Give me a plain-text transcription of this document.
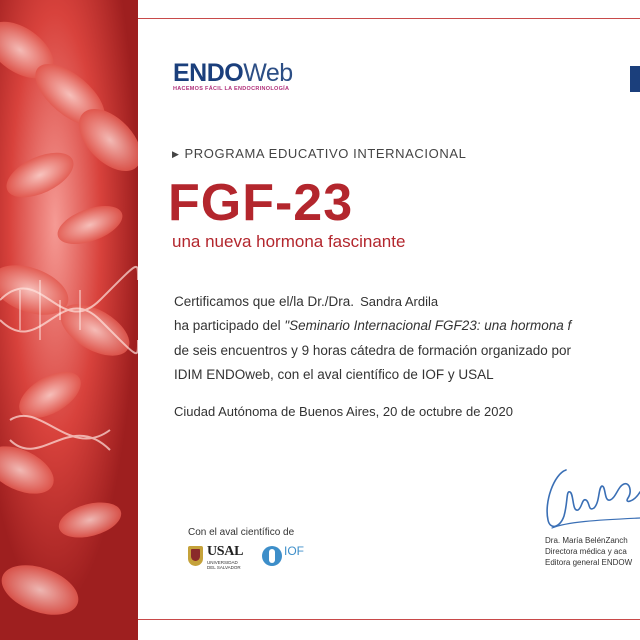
ENDOWeb
HACEMOS FÁCIL LA ENDOCRINOLOGÍA
▶ PROGRAMA EDUCATIVO INTERNACIONAL
FGF-23
una nueva hormona fascinante
Certificamos que el/la Dr./Dra. Sandra Ardila
ha participado del "Seminario Internacional FGF23: una hormona f
de seis encuentros y 9 horas cátedra de formación organizado por
IDIM ENDOweb, con el aval científico de IOF y USAL
Ciudad Autónoma de Buenos Aires, 20 de octubre de 2020
Con el aval científico de
USAL
UNIVERSIDAD
DEL SALVADOR
IOF
Dra. María BelénZanch
Directora médica y aca
Editora general ENDOW
